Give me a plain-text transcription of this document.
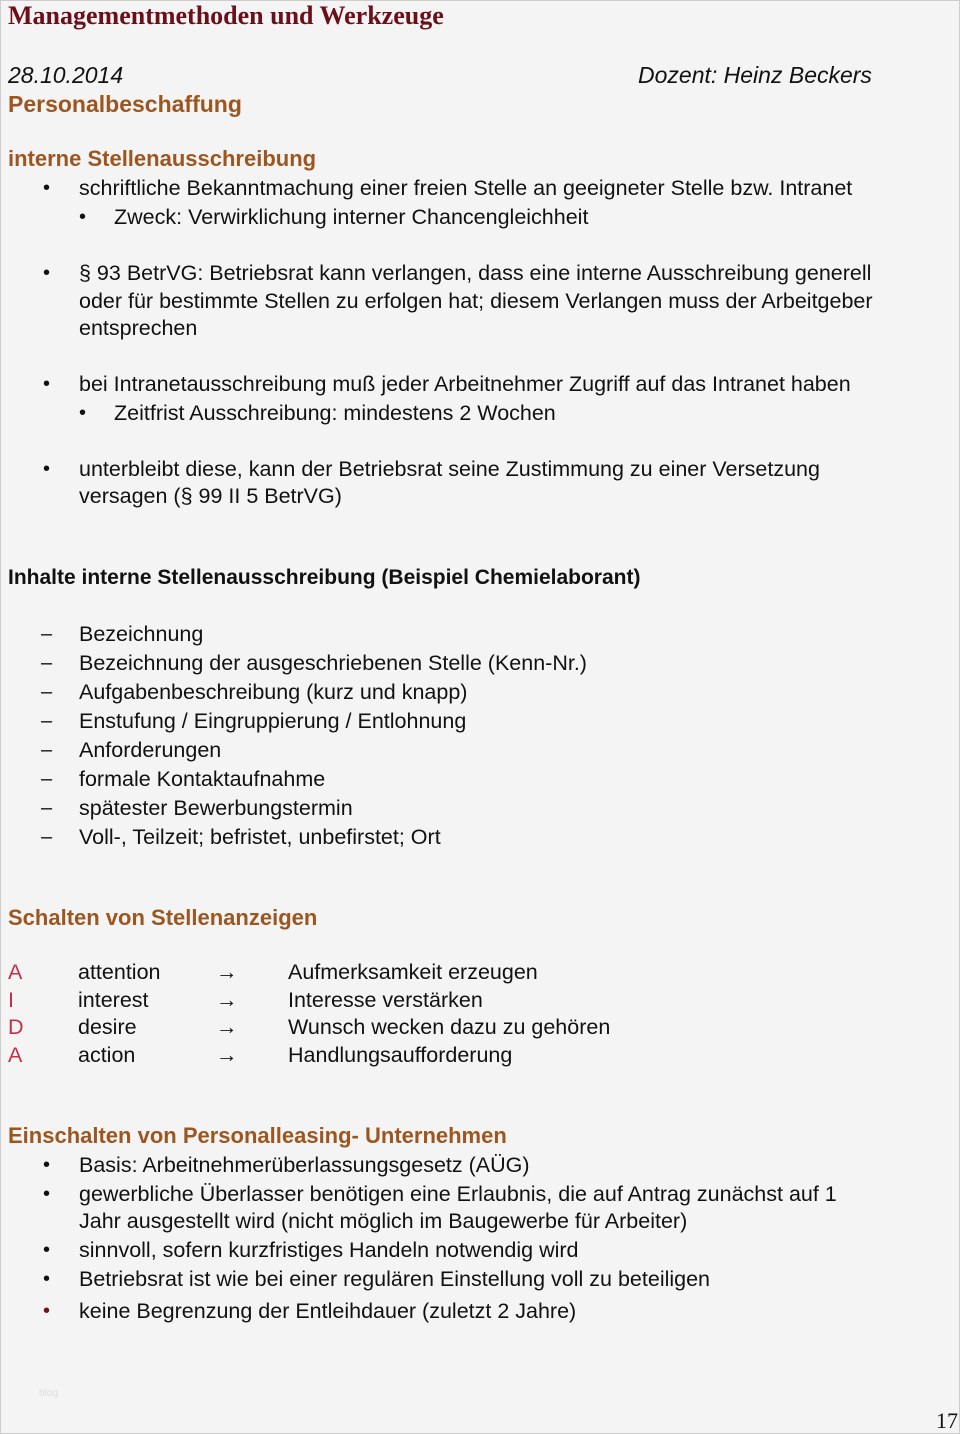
Managementmethoden und Werkzeuge
28.10.2014	Dozent: Heinz Beckers
Personalbeschaffung
interne Stellenausschreibung
• schriftliche Bekanntmachung einer freien Stelle an geeigneter Stelle bzw. Intranet
• Zweck: Verwirklichung interner Chancengleichheit
• § 93 BetrVG: Betriebsrat kann verlangen, dass eine interne Ausschreibung generell
oder für bestimmte Stellen zu erfolgen hat; diesem Verlangen muss der Arbeitgeber
entsprechen
• bei Intranetausschreibung muß jeder Arbeitnehmer Zugriff auf das Intranet haben
• Zeitfrist Ausschreibung: mindestens 2 Wochen
• unterbleibt diese, kann der Betriebsrat seine Zustimmung zu einer Versetzung
versagen (§ 99 II 5 BetrVG)
Inhalte interne Stellenausschreibung (Beispiel Chemielaborant)
– Bezeichnung
– Bezeichnung der ausgeschriebenen Stelle (Kenn-Nr.)
– Aufgabenbeschreibung (kurz und knapp)
– Enstufung / Eingruppierung / Entlohnung
– Anforderungen
– formale Kontaktaufnahme
– spätester Bewerbungstermin
– Voll-, Teilzeit; befristet, unbefirstet; Ort
Schalten von Stellenanzeigen
A	attention	→ Aufmerksamkeit erzeugen
I	interest	→ Interesse verstärken
D	desire	→ Wunsch wecken dazu zu gehören
A	action	→ Handlungsaufforderung
Einschalten von Personalleasing- Unternehmen
• Basis: Arbeitnehmerüberlassungsgesetz (AÜG)
• gewerbliche Überlasser benötigen eine Erlaubnis, die auf Antrag zunächst auf 1
Jahr ausgestellt wird (nicht möglich im Baugewerbe für Arbeiter)
• sinnvoll, sofern kurzfristiges Handeln notwendig wird
• Betriebsrat ist wie bei einer regulären Einstellung voll zu beteiligen
• keine Begrenzung der Entleihdauer (zuletzt 2 Jahre)
blog
17
